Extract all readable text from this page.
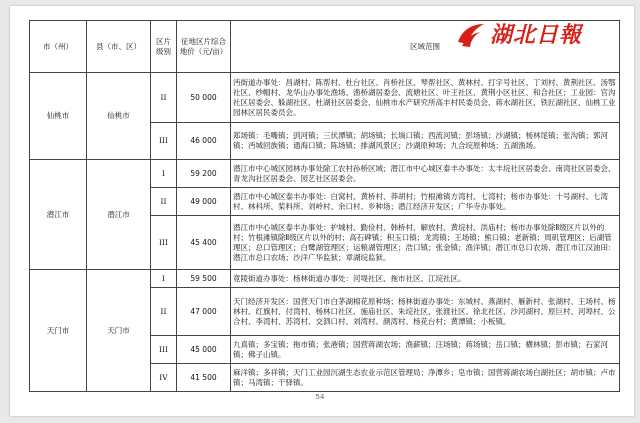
湖北日報
市（州）	县（市、区）	区片级别	征地区片综合地价（元/亩）	区域范围
仙桃市	仙桃市	II	50 000	沔街道办事处：昌湖村、陈帮村、杜台社区、肖桥社区、琴帮社区、黄林村、打字号社区、丁刘村、黄荆社区、汤鄂社区、纱帽村、龙华山办事处渔场、渔桥湖居委会、流塘社区、叶王社区、黄荆小区社区、和合社区；工业园：官沟社区居委会、躲湖社区、杜湖社区居委会、仙桃市水产研究所高丰村民委员会、蒋水湖社区、铁匠湖社区、仙桃工业园林区居民委员会。
		III	46 000	郑场镇：毛嘴镇；剅河镇；三伏潭镇；胡场镇；长埫口镇；西流河镇；彭场镇；沙湖镇；杨林尾镇；张沟镇；郭河镇；沔城回族镇；通海口镇；陈场镇；排湖风景区；沙湖原种场；九合垸原种场；五湖渔场。
潜江市	潜江市	I	59 200	潜江市中心城区园林办事处除工农村孙桥区域；潜江市中心城区泰丰办事处：太丰垸社区居委会、南湾社区居委会、青龙沟社区居委会、园艺社区居委会。
		II	49 000	潜江市中心城区泰丰办事处：白窝村、黄桥村、莽胡村；竹根滩镇方湾村、七湾村；杨市办事处：十号湖村、七湾村、林科所、桨料所、刘岭村、余口村、乡种场；潜江经济开发区；广华寺办事处。
		III	45 400	潜江市中心城区泰丰办事处：护城村、勤俭村、韩桥村、解放村、黄垸村、洪庙村；杨市办事处除Ⅱ级区片以外的村；竹根滩镇除Ⅱ级区片以外的村；高石碑镇；积玉口镇；龙湾镇；王场镇；熊口镇；老新镇；周矶管理区；后湖管理区；总口管理区；白鹭湖管理区；运粮湖管理区；浩口镇；张金镇；渔洋镇；潜江市总口农场、潜江市江汉油田：潜江市总口农场；沙洋广华监狱；章湖垸监狱。
天门市	天门市	I	59 500	竟陵街道办事处：杨林街道办事处：河堤社区、拖市社区、江垸社区。
		II	47 000	天门经济开发区：国营天门市白茅湖棉花原种场；杨林街道办事处：东城村、燕湖村、雁新村、张湖村、王场村、杨林村、红旗村、付湾村、杨林口社区、施庙社区、朱垸社区、张渡社区、徐北社区、沙河湖村、原巨村、河埠村、公合村、李湾村、苏湾村、交泗口村、刘湾村、颜湾村、杨花台村；黄潭镇；小板镇。
		III	45 000	九真镇；多宝镇；拖市镇；张港镇；国营蒋湖农场；渔薪镇；汪场镇；蒋场镇；岳口镇；横林镇；彭市镇；石家河镇；佛子山镇。
		IV	41 500	麻洋镇；多祥镇；天门工业园沉湖生态农业示范区管理局；净潭乡；皂市镇；国营蒋湖农场白湖社区；胡市镇；卢市镇；马湾镇；干驿镇。
54
